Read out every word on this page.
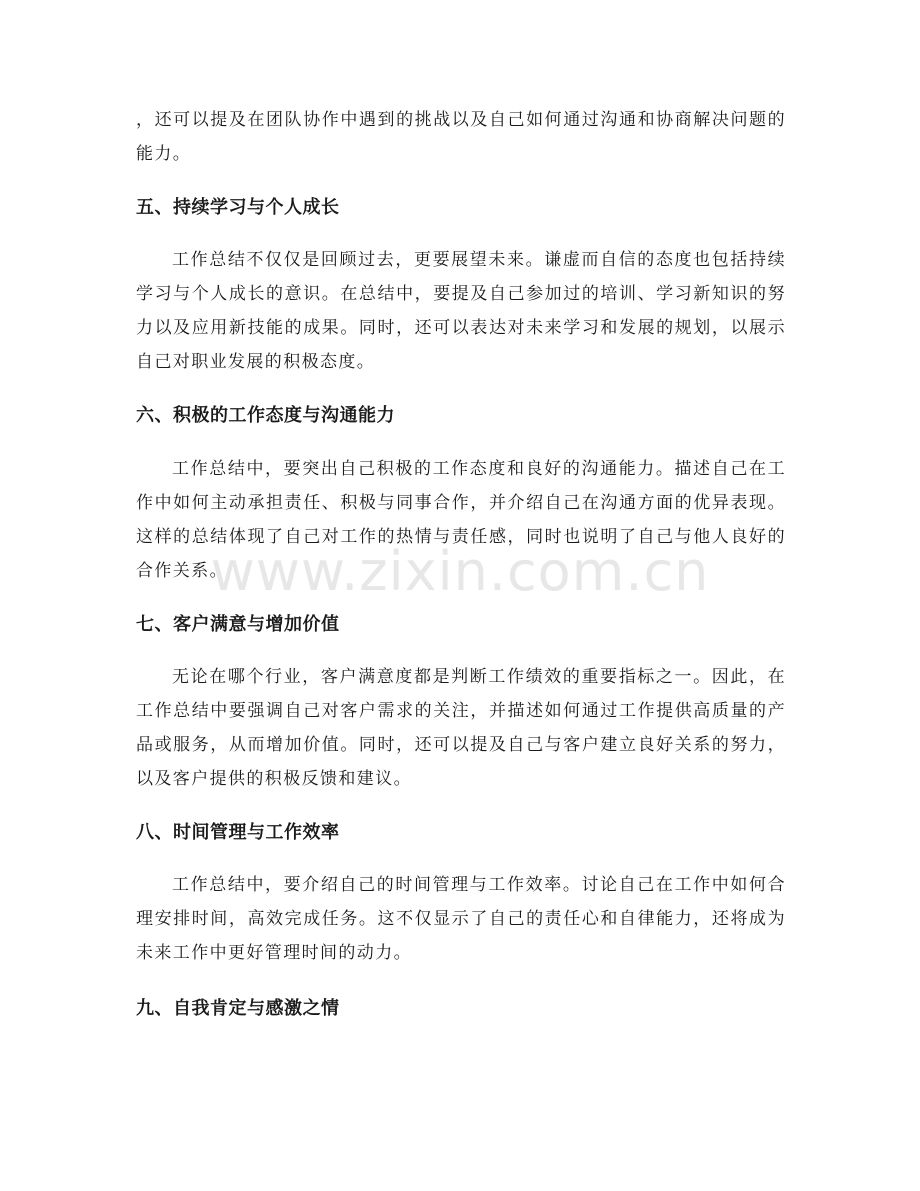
，还可以提及在团队协作中遇到的挑战以及自己如何通过沟通和协商解决问题的能力。

五、持续学习与个人成长

工作总结不仅仅是回顾过去，更要展望未来。谦虚而自信的态度也包括持续学习与个人成长的意识。在总结中，要提及自己参加过的培训、学习新知识的努力以及应用新技能的成果。同时，还可以表达对未来学习和发展的规划，以展示自己对职业发展的积极态度。

六、积极的工作态度与沟通能力

工作总结中，要突出自己积极的工作态度和良好的沟通能力。描述自己在工作中如何主动承担责任、积极与同事合作，并介绍自己在沟通方面的优异表现。这样的总结体现了自己对工作的热情与责任感，同时也说明了自己与他人良好的合作关系。

七、客户满意与增加价值

无论在哪个行业，客户满意度都是判断工作绩效的重要指标之一。因此，在工作总结中要强调自己对客户需求的关注，并描述如何通过工作提供高质量的产品或服务，从而增加价值。同时，还可以提及自己与客户建立良好关系的努力，以及客户提供的积极反馈和建议。

八、时间管理与工作效率

工作总结中，要介绍自己的时间管理与工作效率。讨论自己在工作中如何合理安排时间，高效完成任务。这不仅显示了自己的责任心和自律能力，还将成为未来工作中更好管理时间的动力。

九、自我肯定与感激之情
www.zixin.com.cn
